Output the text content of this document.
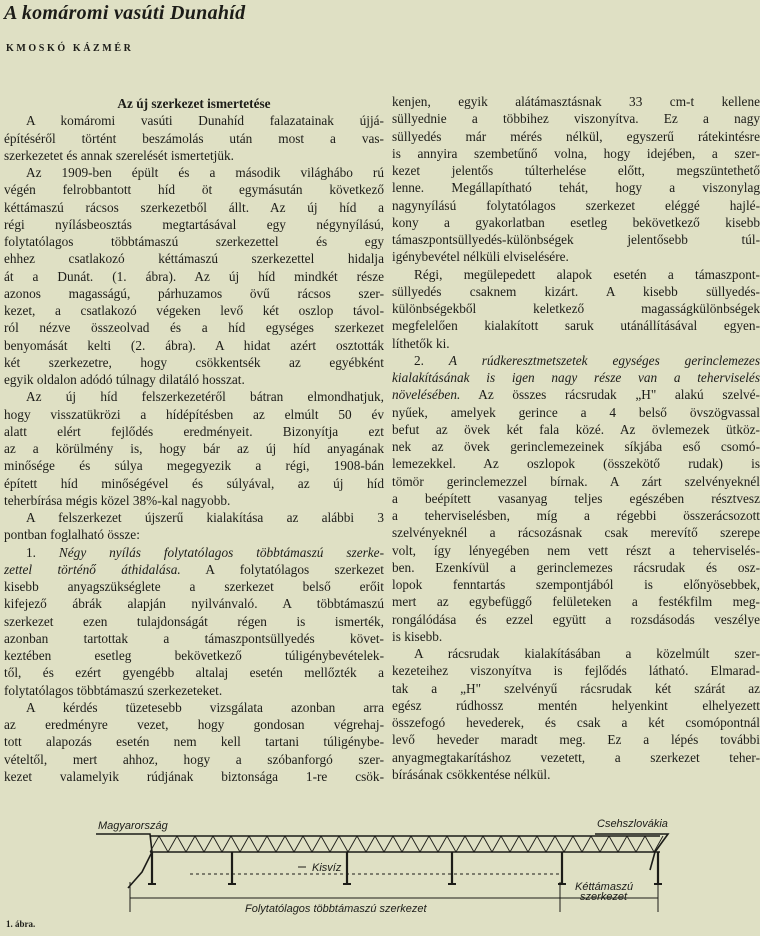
A komáromi vasúti Dunahíd
KMOSKÓ KÁZMÉR
Az új szerkezet ismertetése
A komáromi vasúti Dunahíd falazatainak újjá-
építéséről történt beszámolás után most a vas-
szerkezetet és annak szerelését ismertetjük.
Az 1909-ben épült és a második világhábo rú
végén felrobbantott híd öt egymásután következő
kéttámaszú rácsos szerkezetből állt. Az új híd a
régi nyílásbeosztás megtartásával egy négynyílású,
folytatólagos többtámaszú szerkezettel és egy
ehhez csatlakozó kéttámaszú szerkezettel hidalja
át a Dunát. (1. ábra). Az új híd mindkét része
azonos magasságú, párhuzamos övű rácsos szer-
kezet, a csatlakozó végeken levő két oszlop távol-
ról nézve összeolvad és a híd egységes szerkezet
benyomását kelti (2. ábra). A hidat azért osztották
két szerkezetre, hogy csökkentsék az egyébként
egyik oldalon adódó túlnagy dilatáló hosszat.
Az új híd felszerkezetéről bátran elmondhatjuk,
hogy visszatükrözi a hídépítésben az elmúlt 50 év
alatt elért fejlődés eredményeit. Bizonyítja ezt
az a körülmény is, hogy bár az új híd anyagának
minősége és súlya megegyezik a régi, 1908-bán
épített híd minőségével és súlyával, az új híd
teherbírása mégis közel 38%-kal nagyobb.
A felszerkezet újszerű kialakítása az alábbi 3
pontban foglalható össze:
1. Négy nyílás folytatólagos többtámaszú szerke-
zettel történő áthidalása. A folytatólagos szerkezet
kisebb anyagszükséglete a szerkezet belső erőit
kifejező ábrák alapján nyilvánvaló. A többtámaszú
szerkezet ezen tulajdonságát régen is ismerték,
azonban tartottak a támaszpontsüllyedés követ-
keztében esetleg bekövetkező túligénybevételek-
től, és ezért gyengébb altalaj esetén mellőzték a
folytatólagos többtámaszú szerkezeteket.
A kérdés tüzetesebb vizsgálata azonban arra
az eredményre vezet, hogy gondosan végrehaj-
tott alapozás esetén nem kell tartani túligénybe-
vételtől, mert ahhoz, hogy a szóbanforgó szer-
kezet valamelyik rúdjának biztonsága 1-re csök-
kenjen, egyik alátámasztásnak 33 cm-t kellene
süllyednie a többihez viszonyítva. Ez a nagy
süllyedés már mérés nélkül, egyszerű rátekintésre
is annyira szembetűnő volna, hogy idejében, a szer-
kezet jelentős túlterhelése előtt, megszüntethető
lenne. Megállapítható tehát, hogy a viszonylag
nagynyílású folytatólagos szerkezet eléggé hajlé-
kony a gyakorlatban esetleg bekövetkező kisebb
támaszpontsüllyedés-különbségek jelentősebb túl-
igénybevétel nélküli elviselésére.
Régi, megülepedett alapok esetén a támaszpont-
süllyedés csaknem kizárt. A kisebb süllyedés-
különbségekből keletkező magasságkülönbségek
megfelelően kialakított saruk utánállításával egyen-
líthetők ki.
2. A rúdkeresztmetszetek egységes gerinclemezes
kialakításának is igen nagy része van a teherviselés
növelésében. Az összes rácsrudak „H" alakú szelvé-
nyűek, amelyek gerince a 4 belső övszögvassal
befut az övek két fala közé. Az övlemezek ütköz-
nek az övek gerinclemezeinek síkjába eső csomó-
lemezekkel. Az oszlopok (összekötő rudak) is
tömör gerinclemezzel bírnak. A zárt szelvényeknél
a beépített vasanyag teljes egészében résztvesz
a teherviselésben, míg a régebbi összerácsozott
szelvényeknél a rácsozásnak csak merevítő szerepe
volt, így lényegében nem vett részt a teherviselés-
ben. Ezenkívül a gerinclemezes rácsrudak és osz-
lopok fenntartás szempontjából is előnyösebbek,
mert az egybefüggő felületeken a festékfilm meg-
rongálódása és ezzel együtt a rozsdásodás veszélye
is kisebb.
A rácsrudak kialakításában a közelmúlt szer-
kezeteihez viszonyítva is fejlődés látható. Elmarad-
tak a „H" szelvényű rácsrudak két szárát az
egész rúdhossz mentén helyenkint elhelyezett
összefogó hevederek, és csak a két csomópontnál
levő heveder maradt meg. Ez a lépés további
anyagmegtakarításhoz vezetett, a szerkezet teher-
bírásának csökkentése nélkül.
Magyarország	Csehszlovákia
Kisvíz
Folytatólagos többtámaszú szerkezet
Kéttámaszú
szerkezet
1. ábra.
